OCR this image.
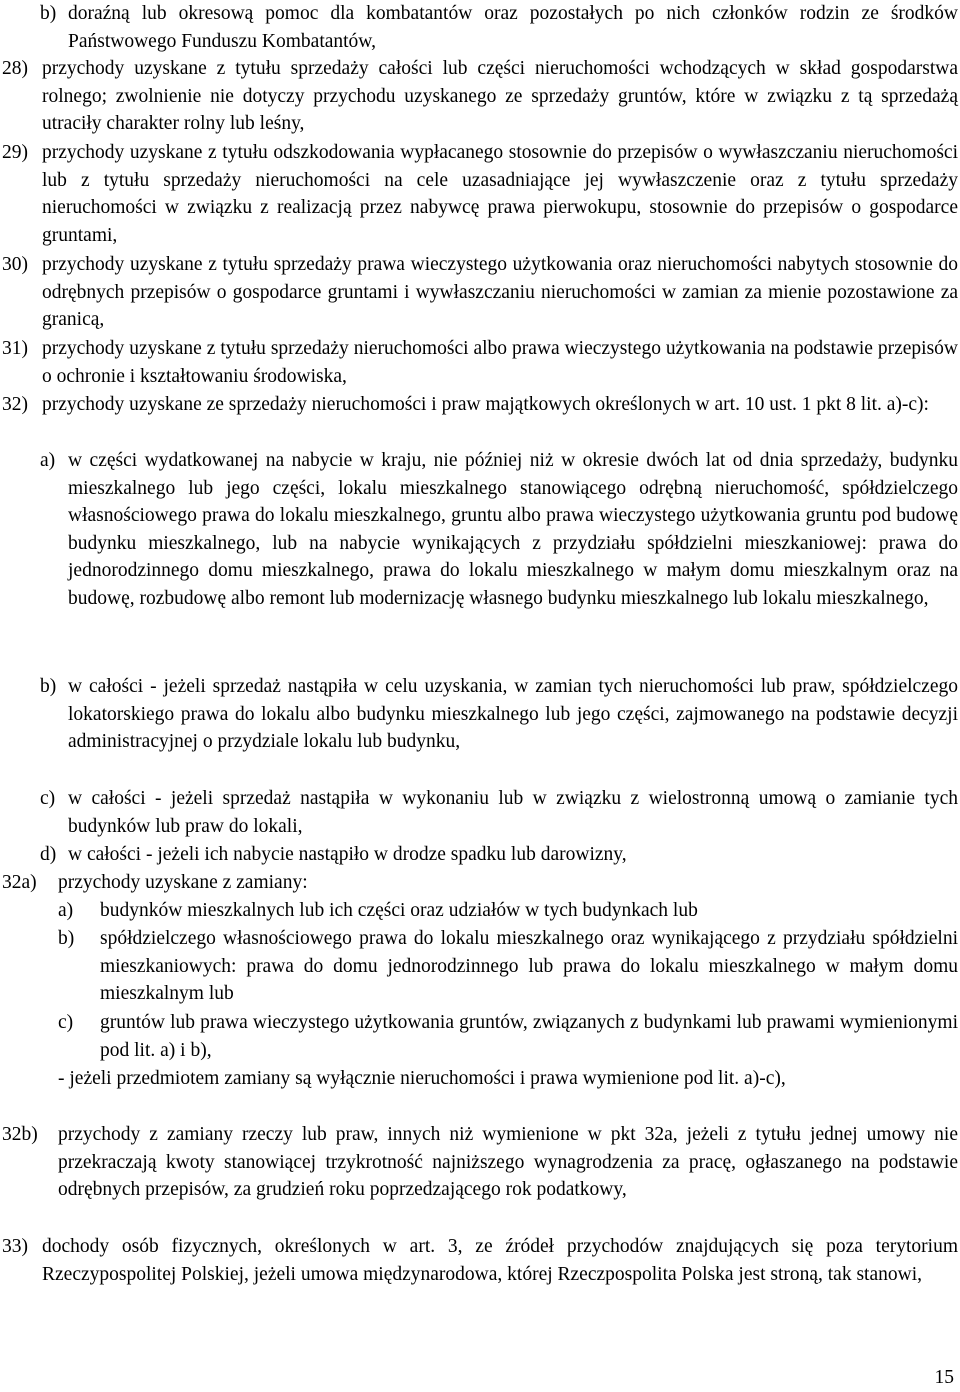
b) doraźną lub okresową pomoc dla kombatantów oraz pozostałych po nich członków rodzin ze środków Państwowego Funduszu Kombatantów,
28) przychody uzyskane z tytułu sprzedaży całości lub części nieruchomości wchodzących w skład gospodarstwa rolnego; zwolnienie nie dotyczy przychodu uzyskanego ze sprzedaży gruntów, które w związku z tą sprzedażą utraciły charakter rolny lub leśny,
29) przychody uzyskane z tytułu odszkodowania wypłacanego stosownie do przepisów o wywłaszczaniu nieruchomości lub z tytułu sprzedaży nieruchomości na cele uzasadniające jej wywłaszczenie oraz z tytułu sprzedaży nieruchomości w związku z realizacją przez nabywcę prawa pierwokupu, stosownie do przepisów o gospodarce gruntami,
30) przychody uzyskane z tytułu sprzedaży prawa wieczystego użytkowania oraz nieruchomości nabytych stosownie do odrębnych przepisów o gospodarce gruntami i wywłaszczaniu nieruchomości w zamian za mienie pozostawione za granicą,
31) przychody uzyskane z tytułu sprzedaży nieruchomości albo prawa wieczystego użytkowania na podstawie przepisów o ochronie i kształtowaniu środowiska,
32) przychody uzyskane ze sprzedaży nieruchomości i praw majątkowych określonych w art. 10 ust. 1 pkt 8 lit. a)-c):
a) w części wydatkowanej na nabycie w kraju, nie później niż w okresie dwóch lat od dnia sprzedaży, budynku mieszkalnego lub jego części, lokalu mieszkalnego stanowiącego odrębną nieruchomość, spółdzielczego własnościowego prawa do lokalu mieszkalnego, gruntu albo prawa wieczystego użytkowania gruntu pod budowę budynku mieszkalnego, lub na nabycie wynikających z przydziału spółdzielni mieszkaniowej: prawa do jednorodzinnego domu mieszkalnego, prawa do lokalu mieszkalnego w małym domu mieszkalnym oraz na budowę, rozbudowę albo remont lub modernizację własnego budynku mieszkalnego lub lokalu mieszkalnego,
b) w całości - jeżeli sprzedaż nastąpiła w celu uzyskania, w zamian tych nieruchomości lub praw, spółdzielczego lokatorskiego prawa do lokalu albo budynku mieszkalnego lub jego części, zajmowanego na podstawie decyzji administracyjnej o przydziale lokalu lub budynku,
c) w całości - jeżeli sprzedaż nastąpiła w wykonaniu lub w związku z wielostronną umową o zamianie tych budynków lub praw do lokali,
d) w całości - jeżeli ich nabycie nastąpiło w drodze spadku lub darowizny,
32a) przychody uzyskane z zamiany:
a) budynków mieszkalnych lub ich części oraz udziałów w tych budynkach lub
b) spółdzielczego własnościowego prawa do lokalu mieszkalnego oraz wynikającego z przydziału spółdzielni mieszkaniowych: prawa do domu jednorodzinnego lub prawa do lokalu mieszkalnego w małym domu mieszkalnym lub
c) gruntów lub prawa wieczystego użytkowania gruntów, związanych z budynkami lub prawami wymienionymi pod lit. a) i b),
- jeżeli przedmiotem zamiany są wyłącznie nieruchomości i prawa wymienione pod lit. a)-c),
32b) przychody z zamiany rzeczy lub praw, innych niż wymienione w pkt 32a, jeżeli z tytułu jednej umowy nie przekraczają kwoty stanowiącej trzykrotność najniższego wynagrodzenia za pracę, ogłaszanego na podstawie odrębnych przepisów, za grudzień roku poprzedzającego rok podatkowy,
33) dochody osób fizycznych, określonych w art. 3, ze źródeł przychodów znajdujących się poza terytorium Rzeczypospolitej Polskiej, jeżeli umowa międzynarodowa, której Rzeczpospolita Polska jest stroną, tak stanowi,
15
